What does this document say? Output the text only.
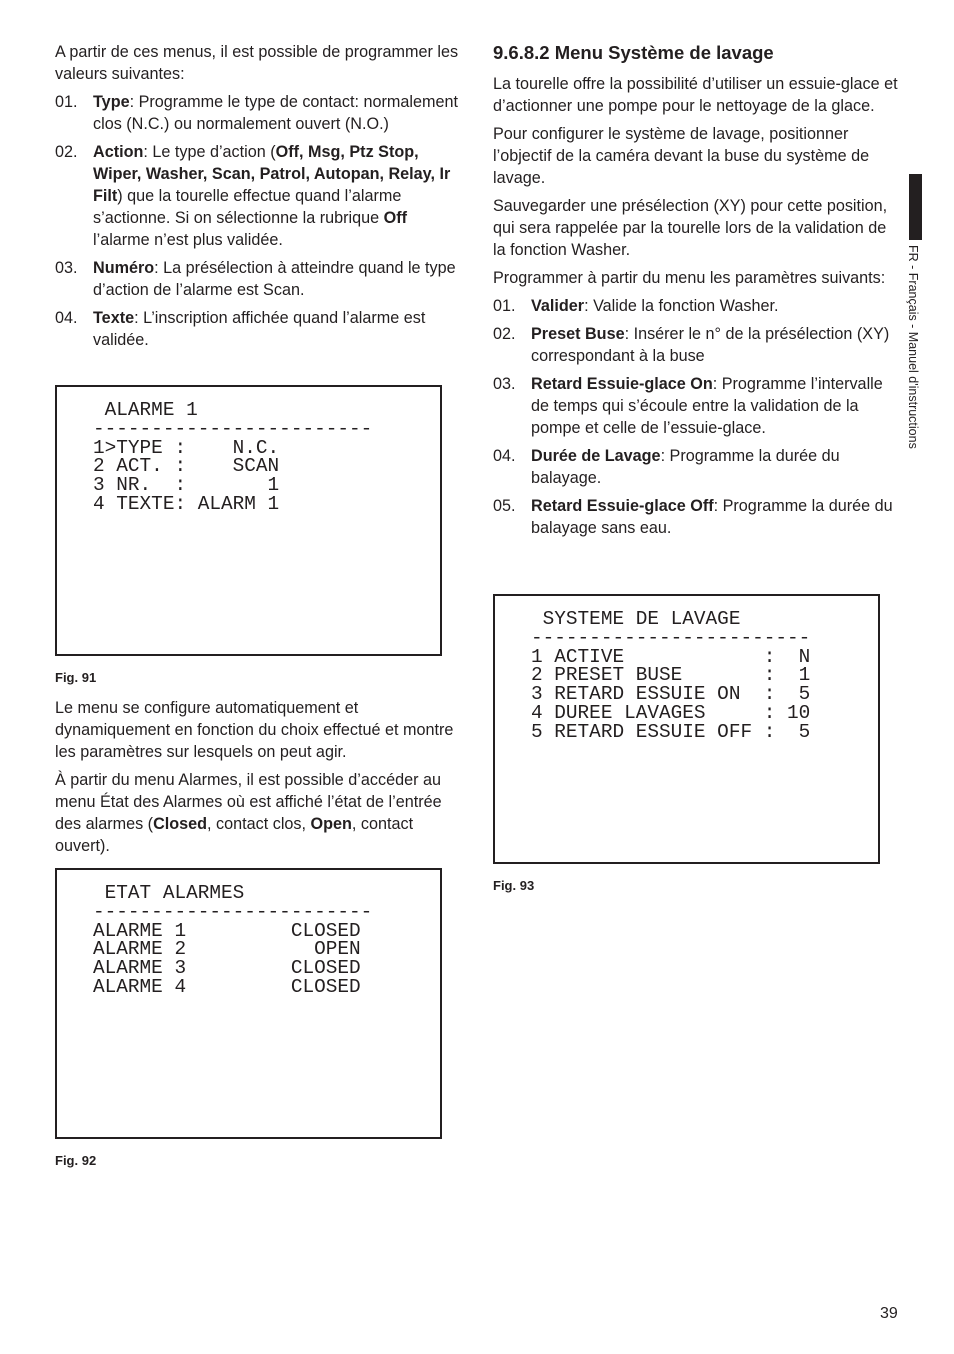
A partir de ces menus, il est possible de programmer les valeurs suivantes:

01. Type: Programme le type de contact: normalement clos (N.C.) ou normalement ouvert (N.O.)
02. Action: Le type d’action (Off, Msg, Ptz Stop, Wiper, Washer, Scan, Patrol, Autopan, Relay, Ir Filt) que la tourelle effectue quand l’alarme s’actionne. Si on sélectionne la rubrique Off l’alarme n’est plus validée.
03. Numéro: La présélection à atteindre quand le type d’action de l’alarme est Scan.
04. Texte: L’inscription affichée quand l’alarme est validée.
ALARME 1
------------------------
1>TYPE :    N.C.
2 ACT. :    SCAN
3 NR.  :       1
4 TEXTE: ALARM 1
Fig. 91

Le menu se configure automatiquement et dynamiquement en fonction du choix effectué et montre les paramètres sur lesquels on peut agir.

À partir du menu Alarmes, il est possible d’accéder au menu État des Alarmes où est affiché l’état de l’entrée des alarmes (Closed, contact clos, Open, contact ouvert).

ETAT ALARMES
------------------------
ALARME 1         CLOSED
ALARME 2           OPEN
ALARME 3         CLOSED
ALARME 4         CLOSED
Fig. 92
9.6.8.2 Menu Système de lavage

La tourelle offre la possibilité d’utiliser un essuie-glace et d’actionner une pompe pour le nettoyage de la glace.

Pour configurer le système de lavage, positionner l’objectif de la caméra devant la buse du système de lavage.

Sauvegarder une présélection (XY) pour cette position, qui sera rappelée par la tourelle lors de la validation de la fonction Washer.

Programmer à partir du menu les paramètres suivants:

01. Valider: Valide la fonction Washer.
02. Preset Buse: Insérer le n° de la présélection (XY) correspondant à la buse
03. Retard Essuie-glace On: Programme l’intervalle de temps qui s’écoule entre la validation de la pompe et celle de l’essuie-glace.
04. Durée de Lavage: Programme la durée du balayage.
05. Retard Essuie-glace Off: Programme la durée du balayage sans eau.
SYSTEME DE LAVAGE
------------------------
1 ACTIVE            :  N
2 PRESET BUSE       :  1
3 RETARD ESSUIE ON  :  5
4 DUREE LAVAGES     : 10
5 RETARD ESSUIE OFF :  5
Fig. 93
FR - Français - Manuel d'instructions
39
